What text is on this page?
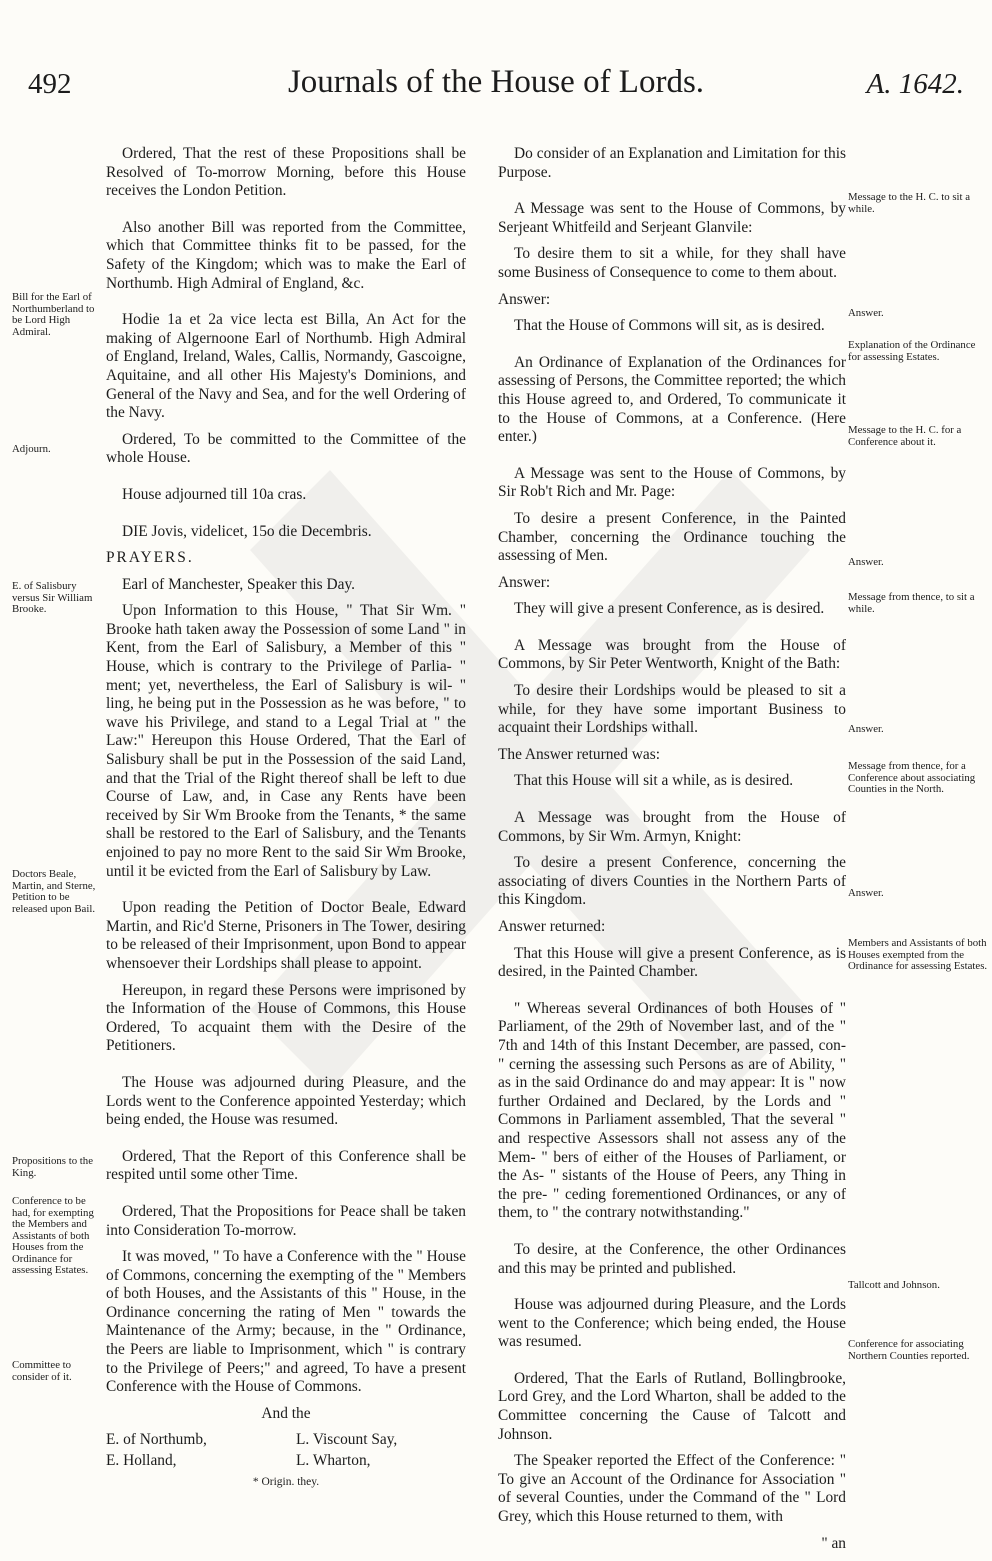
492	Journals of the House of Lords.	A. 1642.

Ordered, That the rest of these Propositions shall be Resolved of To-morrow Morning, before this House receives the London Petition.

Also another Bill was reported from the Committee, which that Committee thinks fit to be passed, for the Safety of the Kingdom; which was to make the Earl of Northumb. High Admiral of England, &c.

Hodie 1a et 2a vice lecta est Billa, An Act for the making of Algernoone Earl of Northumb. High Admiral of England, Ireland, Wales, Callis, Normandy, Gascoigne, Aquitaine, and all other His Majesty's Dominions, and General of the Navy and Sea, and for the well Ordering of the Navy.

Ordered, To be committed to the Committee of the whole House.

House adjourned till 10a cras.

DIE Jovis, videlicet, 15o die Decembris.

PRAYERS.

Earl of Manchester, Speaker this Day.

Upon Information to this House, " That Sir Wm. " Brooke hath taken away the Possession of some Land " in Kent, from the Earl of Salisbury, a Member of this " House, which is contrary to the Privilege of Parlia- " ment; yet, nevertheless, the Earl of Salisbury is wil- " ling, he being put in the Possession as he was before, " to wave his Privilege, and stand to a Legal Trial at " the Law:" Hereupon this House Ordered, That the Earl of Salisbury shall be put in the Possession of the said Land, and that the Trial of the Right thereof shall be left to due Course of Law, and, in Case any Rents have been received by Sir Wm Brooke from the Tenants, * the same shall be restored to the Earl of Salisbury, and the Tenants enjoined to pay no more Rent to the said Sir Wm Brooke, until it be evicted from the Earl of Salisbury by Law.

Upon reading the Petition of Doctor Beale, Edward Martin, and Ric'd Sterne, Prisoners in The Tower, desiring to be released of their Imprisonment, upon Bond to appear whensoever their Lordships shall please to appoint.

Hereupon, in regard these Persons were imprisoned by the Information of the House of Commons, this House Ordered, To acquaint them with the Desire of the Petitioners.

The House was adjourned during Pleasure, and the Lords went to the Conference appointed Yesterday; which being ended, the House was resumed.

Ordered, That the Report of this Conference shall be respited until some other Time.

Ordered, That the Propositions for Peace shall be taken into Consideration To-morrow.

It was moved, " To have a Conference with the " House of Commons, concerning the exempting of the " Members of both Houses, and the Assistants of this " House, in the Ordinance concerning the rating of Men " towards the Maintenance of the Army; because, in the " Ordinance, the Peers are liable to Imprisonment, which " is contrary to the Privilege of Peers;" and agreed, To have a present Conference with the House of Commons.

And the

E. of Northumb,	L. Viscount Say,
E. Holland,	L. Wharton,
* Origin. they.

Do consider of an Explanation and Limitation for this Purpose.

A Message was sent to the House of Commons, by Serjeant Whitfeild and Serjeant Glanvile:

To desire them to sit a while, for they shall have some Business of Consequence to come to them about.

Answer:

That the House of Commons will sit, as is desired.

An Ordinance of Explanation of the Ordinances for assessing of Persons, the Committee reported; the which this House agreed to, and Ordered, To communicate it to the House of Commons, at a Conference. (Here enter.)

A Message was sent to the House of Commons, by Sir Rob't Rich and Mr. Page:

To desire a present Conference, in the Painted Chamber, concerning the Ordinance touching the assessing of Men.

Answer:

They will give a present Conference, as is desired.

A Message was brought from the House of Commons, by Sir Peter Wentworth, Knight of the Bath:

To desire their Lordships would be pleased to sit a while, for they have some important Business to acquaint their Lordships withall.

The Answer returned was:

That this House will sit a while, as is desired.

A Message was brought from the House of Commons, by Sir Wm. Armyn, Knight:

To desire a present Conference, concerning the associating of divers Counties in the Northern Parts of this Kingdom.

Answer returned:

That this House will give a present Conference, as is desired, in the Painted Chamber.

" Whereas several Ordinances of both Houses of " Parliament, of the 29th of November last, and of the " 7th and 14th of this Instant December, are passed, con- " cerning the assessing such Persons as are of Ability, " as in the said Ordinance do and may appear: It is " now further Ordained and Declared, by the Lords and " Commons in Parliament assembled, That the several " and respective Assessors shall not assess any of the Mem- " bers of either of the Houses of Parliament, or the As- " sistants of the House of Peers, any Thing in the pre- " ceding forementioned Ordinances, or any of them, to " the contrary notwithstanding."

To desire, at the Conference, the other Ordinances and this may be printed and published.

House was adjourned during Pleasure, and the Lords went to the Conference; which being ended, the House was resumed.

Ordered, That the Earls of Rutland, Bollingbrooke, Lord Grey, and the Lord Wharton, shall be added to the Committee concerning the Cause of Talcott and Johnson.

The Speaker reported the Effect of the Conference: " To give an Account of the Ordinance for Association " of several Counties, under the Command of the " Lord Grey, which this House returned to them, with

" an

Bill for the Earl of Northumberland to be Lord High Admiral.
Adjourn.
E. of Salisbury versus Sir William Brooke.
Doctors Beale, Martin, and Sterne, Petition to be released upon Bail.
Propositions to the King.
Conference to be had, for exempting the Members and Assistants of both Houses from the Ordinance for assessing Estates.
Committee to consider of it.
Message to the H. C. to sit a while.
Answer.
Explanation of the Ordinance for assessing Estates.
Message to the H. C. for a Conference about it.
Answer.
Message from thence, to sit a while.
Answer.
Message from thence, for a Conference about associating Counties in the North.
Answer.
Members and Assistants of both Houses exempted from the Ordinance for assessing Estates.
Tallcott and Johnson.
Conference for associating Northern Counties reported.
